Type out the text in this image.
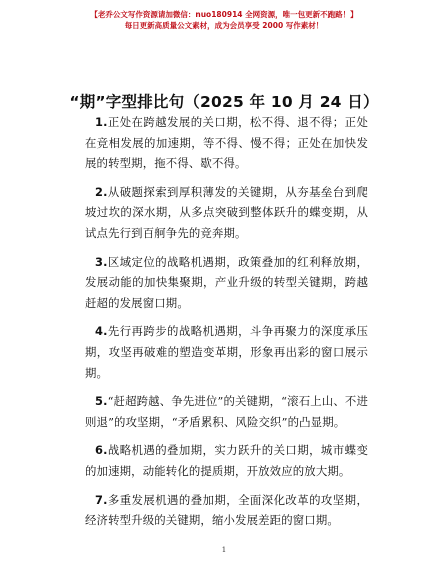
【老乔公文写作资源请加微信：nuo180914 全网资源，唯一包更新不跑路！】
每日更新高质量公文素材，成为会员享受 2000 写作素材！
“期”字型排比句（2025 年 10 月 24 日）

1.正处在跨越发展的关口期，松不得、退不得；正处在竞相发展的加速期，等不得、慢不得；正处在加快发展的转型期，拖不得、歇不得。

2.从破题探索到厚积薄发的关键期，从夯基垒台到爬坡过坎的深水期，从多点突破到整体跃升的蝶变期，从试点先行到百舸争先的竞奔期。

3.区域定位的战略机遇期，政策叠加的红利释放期，发展动能的加快集聚期，产业升级的转型关键期，跨越赶超的发展窗口期。

4.先行再跨步的战略机遇期，斗争再聚力的深度承压期，攻坚再破难的塑造变革期，形象再出彩的窗口展示期。

5.“赶超跨越、争先进位”的关键期，“滚石上山、不进则退”的攻坚期，“矛盾累积、风险交织”的凸显期。

6.战略机遇的叠加期，实力跃升的关口期，城市蝶变的加速期，动能转化的提质期，开放效应的放大期。

7.多重发展机遇的叠加期，全面深化改革的攻坚期，经济转型升级的关键期，缩小发展差距的窗口期。

1
